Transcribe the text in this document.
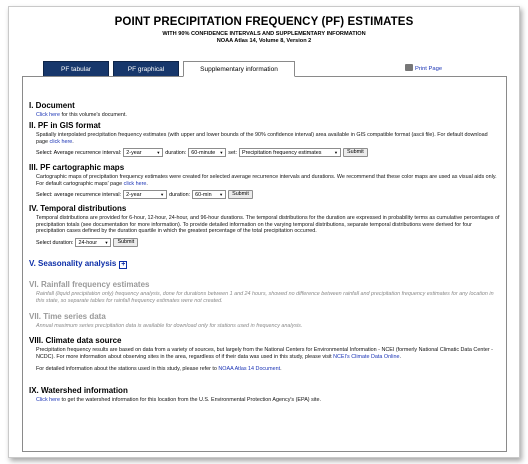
POINT PRECIPITATION FREQUENCY (PF) ESTIMATES
WITH 90% CONFIDENCE INTERVALS AND SUPPLEMENTARY INFORMATION
NOAA Atlas 14, Volume 8, Version 2
PF tabular	PF graphical	Supplementary information	Print Page
I. Document
Click here for this volume's document.
II. PF in GIS format
Spatially interpolated precipitation frequency estimates (with upper and lower bounds of the 90% confidence interval) area available in GIS compatible format (ascii file). For default download page click here.
Select: Average recurrence interval: 2-year	▼ duration: 60-minute ▼ set: Precipitation frequency estimates	▼	Submit
III. PF cartographic maps
Cartographic maps of precipitation frequency estimates were created for selected average recurrence intervals and durations. We recommend that these color maps are used as visual aids only. For default cartographic maps' page click here.
Select: average recurrence interval: 2-year	▼ duration: 60-min ▼	Submit
IV. Temporal distributions
Temporal distributions are provided for 6-hour, 12-hour, 24-hour, and 96-hour durations. The temporal distributions for the duration are expressed in probability terms as cumulative percentages of precipitation totals (see documentation for more information). To provide detailed information on the varying temporal distributions, separate temporal distributions were derived for four precipitation cases defined by the duration quartile in which the greatest percentage of the total precipitation occurred.
Select duration: 24-hour ▼	Submit
V. Seasonality analysis +
VI. Rainfall frequency estimates
Rainfall (liquid precipitation only) frequency analysis, done for durations between 1 and 24 hours, showed no difference between rainfall and precipitation frequency estimates for any location in this state, so separate tables for rainfall frequency estimates were not created.
VII. Time series data
Annual maximum series precipitation data is available for download only for stations used in frequency analysis.
VIII. Climate data source
Precipitation frequency results are based on data from a variety of sources, but largely from the National Centers for Environmental Information - NCEI (formerly National Climatic Data Center - NCDC). For more information about observing sites in the area, regardless of if their data was used in this study, please visit NCEI's Climate Data Online.
For detailed information about the stations used in this study, please refer to NOAA Atlas 14 Document.
IX. Watershed information
Click here to get the watershed information for this location from the U.S. Environmental Protection Agency's (EPA) site.
